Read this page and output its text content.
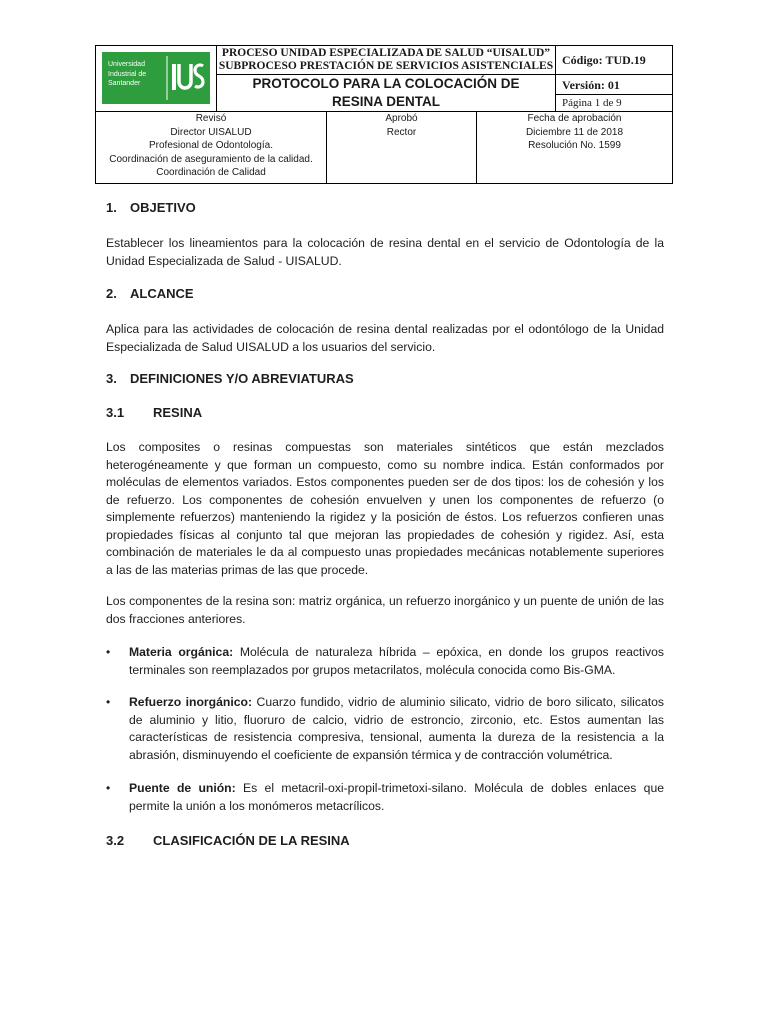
Universidad
Industrial de
Santander
PROCESO UNIDAD ESPECIALIZADA DE SALUD “UISALUD”
SUBPROCESO PRESTACIÓN DE SERVICIOS ASISTENCIALES
PROTOCOLO PARA LA COLOCACIÓN DE
RESINA DENTAL
Código: TUD.19
Versión: 01
Página 1 de 9
Revisó
Director UISALUD
Profesional de Odontología.
Coordinación de aseguramiento de la calidad.
Coordinación de Calidad
Aprobó
Rector
Fecha de aprobación
Diciembre 11 de 2018
Resolución No. 1599
1. OBJETIVO
Establecer los lineamientos para la colocación de resina dental en el servicio de Odontología de la Unidad Especializada de Salud - UISALUD.
2. ALCANCE
Aplica para las actividades de colocación de resina dental realizadas por el odontólogo de la Unidad Especializada de Salud UISALUD a los usuarios del servicio.
3. DEFINICIONES Y/O ABREVIATURAS
3.1 RESINA
Los composites o resinas compuestas son materiales sintéticos que están mezclados heterogéneamente y que forman un compuesto, como su nombre indica. Están conformados por moléculas de elementos variados. Estos componentes pueden ser de dos tipos: los de cohesión y los de refuerzo. Los componentes de cohesión envuelven y unen los componentes de refuerzo (o simplemente refuerzos) manteniendo la rigidez y la posición de éstos. Los refuerzos confieren unas propiedades físicas al conjunto tal que mejoran las propiedades de cohesión y rigidez. Así, esta combinación de materiales le da al compuesto unas propiedades mecánicas notablemente superiores a las de las materias primas de las que procede.
Los componentes de la resina son: matriz orgánica, un refuerzo inorgánico y un puente de unión de las dos fracciones anteriores.
• Materia orgánica: Molécula de naturaleza híbrida – epóxica, en donde los grupos reactivos terminales son reemplazados por grupos metacrilatos, molécula conocida como Bis-GMA.
• Refuerzo inorgánico: Cuarzo fundido, vidrio de aluminio silicato, vidrio de boro silicato, silicatos de aluminio y litio, fluoruro de calcio, vidrio de estroncio, zirconio, etc. Estos aumentan las características de resistencia compresiva, tensional, aumenta la dureza de la resistencia a la abrasión, disminuyendo el coeficiente de expansión térmica y de contracción volumétrica.
• Puente de unión: Es el metacril-oxi-propil-trimetoxi-silano. Molécula de dobles enlaces que permite la unión a los monómeros metacrílicos.
3.2 CLASIFICACIÓN DE LA RESINA
